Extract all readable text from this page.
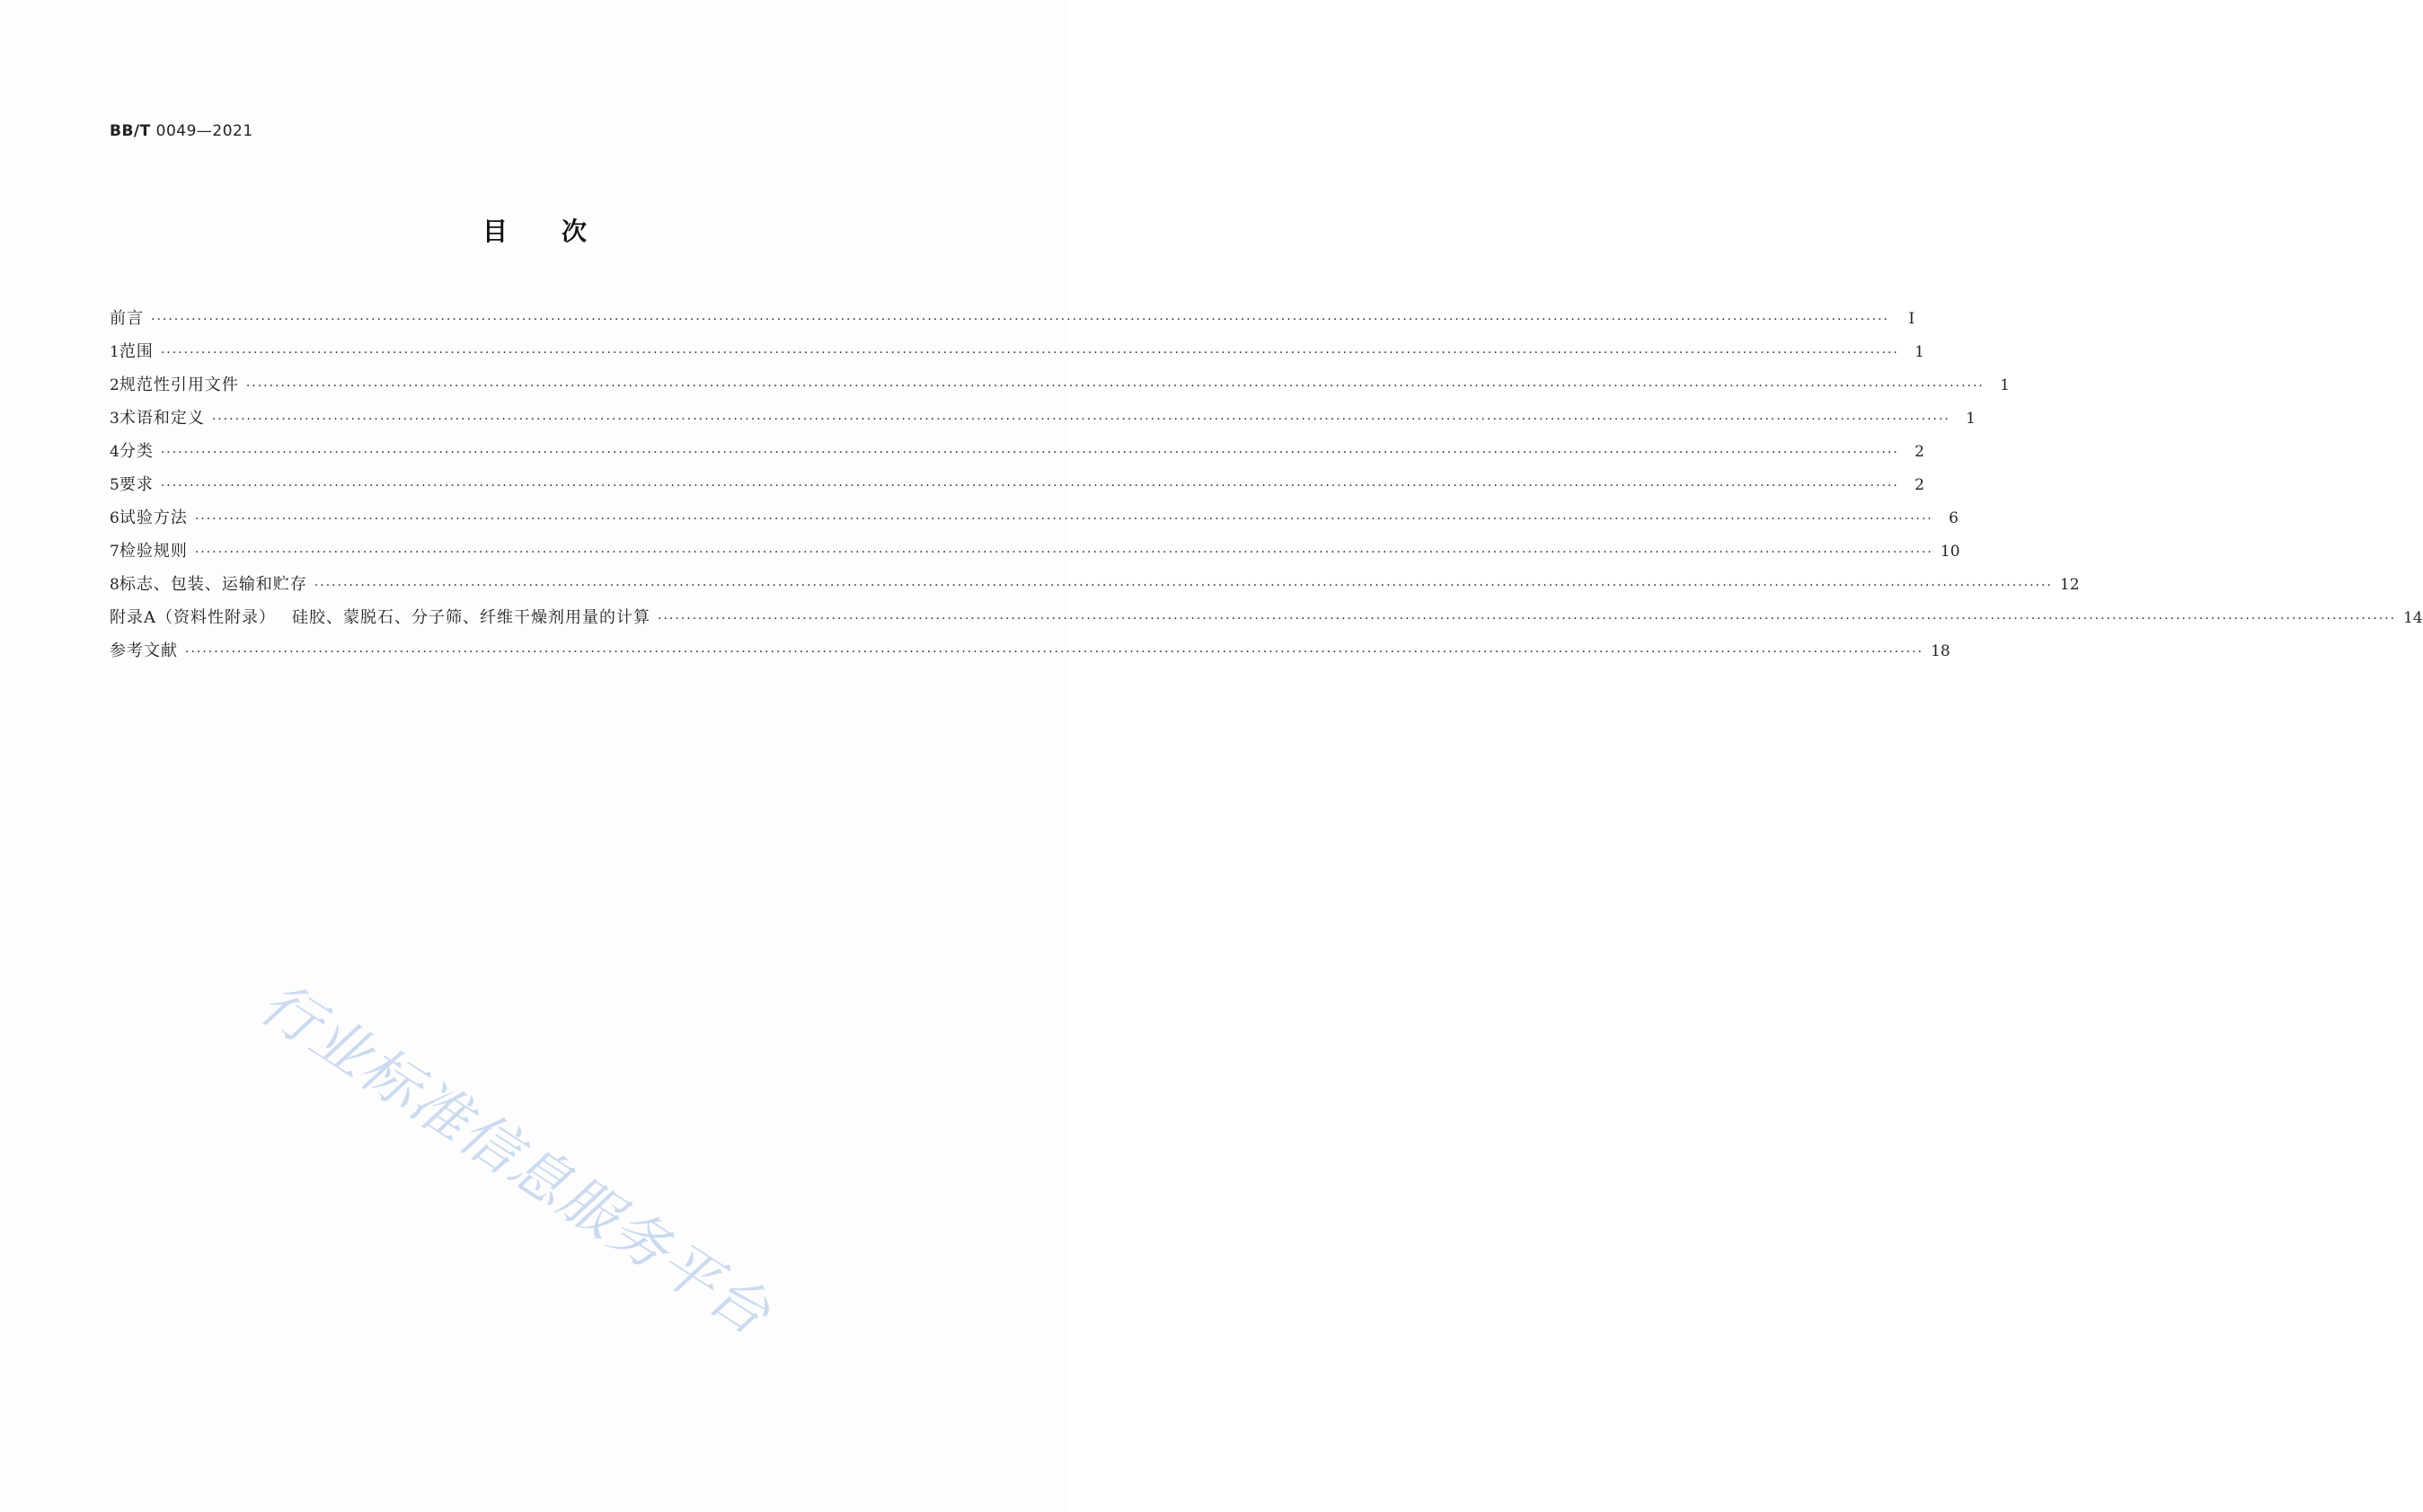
BB/T 0049—2021
目次
前言 ············································································································································································································································································································	Ⅰ
1 范围 ············································································································································································································································································································	1
2 规范性引用文件 ············································································································································································································································································································	1
3 术语和定义 ············································································································································································································································································································	1
4 分类 ············································································································································································································································································································	2
5 要求 ············································································································································································································································································································	2
6 试验方法 ············································································································································································································································································································	6
7 检验规则 ············································································································································································································································································································ 10
8 标志、包装、运输和贮存 ············································································································································································································································································································ 12
附录A（资料性附录） 硅胶、蒙脱石、分子筛、纤维干燥剂用量的计算 ············································································································································································································································································································ 14
参考文献 ············································································································································································································································································································ 18
行业标准信息服务平台
